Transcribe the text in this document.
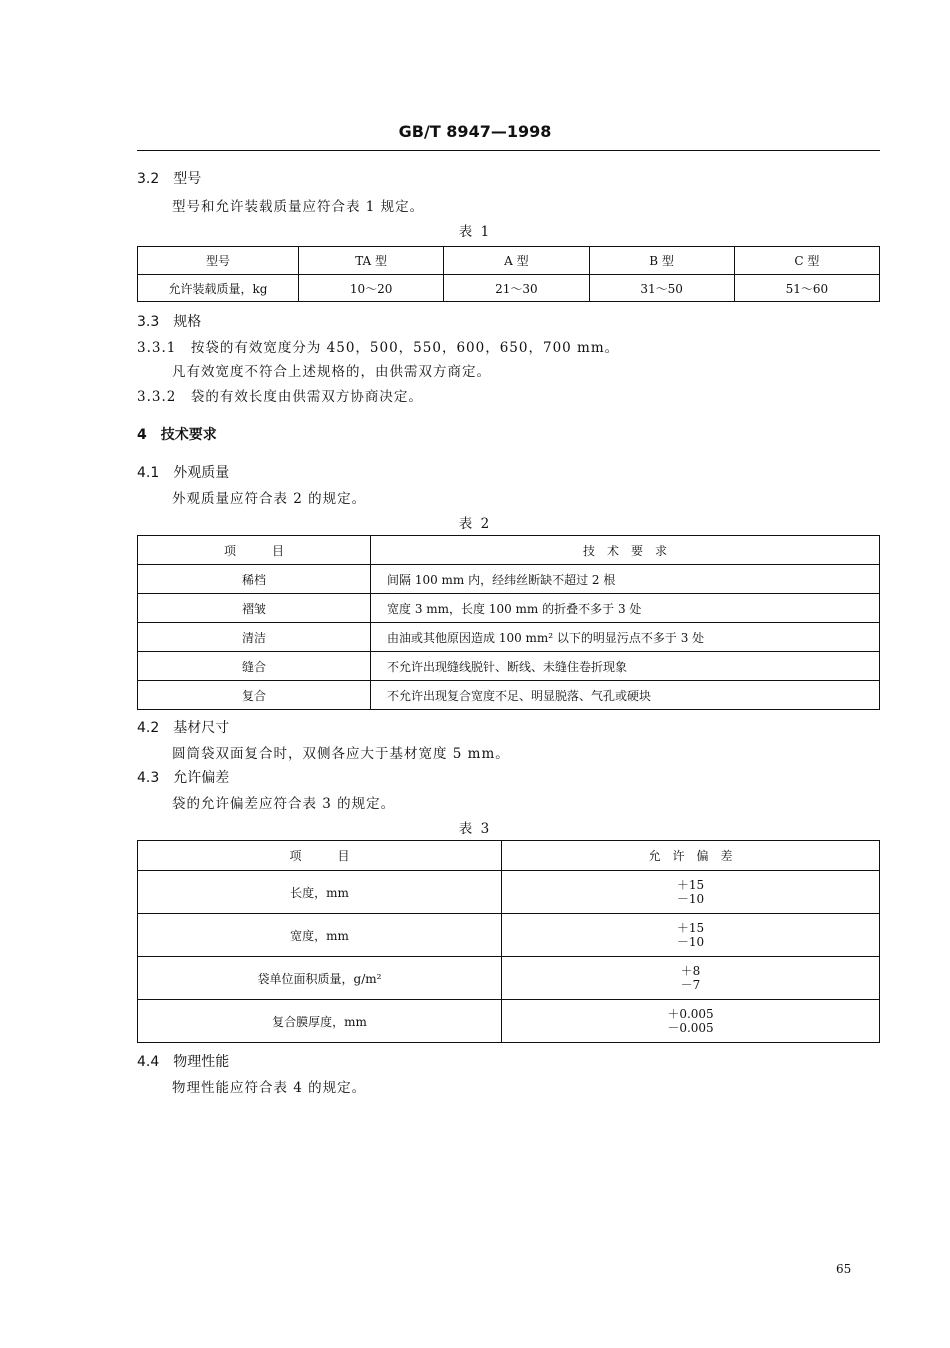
GB/T 8947—1998
3.2　型号
型号和允许装载质量应符合表 1 规定。
表 1
型号	TA 型	A 型	B 型	C 型
允许装载质量，kg	10～20	21～30	31～50	51～60
3.3　规格
3.3.1　按袋的有效宽度分为 450，500，550，600，650，700 mm。
凡有效宽度不符合上述规格的，由供需双方商定。
3.3.2　袋的有效长度由供需双方协商决定。
4　技术要求
4.1　外观质量
外观质量应符合表 2 的规定。
表 2
项　　　目	技　术　要　求
稀档	间隔 100 mm 内，经纬丝断缺不超过 2 根
褶皱	宽度 3 mm，长度 100 mm 的折叠不多于 3 处
清洁	由油或其他原因造成 100 mm² 以下的明显污点不多于 3 处
缝合	不允许出现缝线脱针、断线、未缝住卷折现象
复合	不允许出现复合宽度不足、明显脱落、气孔或硬块
4.2　基材尺寸
圆筒袋双面复合时，双侧各应大于基材宽度 5 mm。
4.3　允许偏差
袋的允许偏差应符合表 3 的规定。
表 3
项　　　目	允　许　偏　差
长度，mm	＋15
－10

宽度，mm	＋15
－10

袋单位面积质量，g/m²	＋8
－7

复合膜厚度，mm	＋0.005
－0.005
4.4　物理性能
物理性能应符合表 4 的规定。
65
